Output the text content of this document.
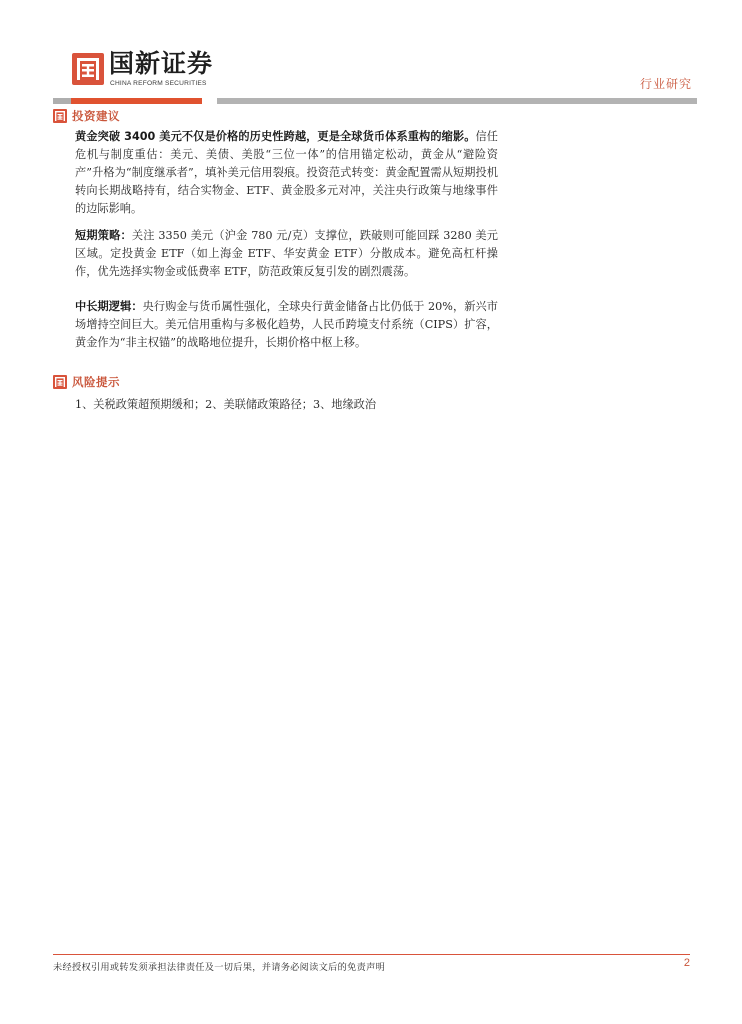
国新证券
CHINA REFORM SECURITIES	行业研究
投资建议
黄金突破 3400 美元不仅是价格的历史性跨越，更是全球货币体系重构的缩影。信任危机与制度重估：美元、美债、美股“三位一体”的信用锚定松动，黄金从“避险资产”升格为“制度继承者”，填补美元信用裂痕。投资范式转变：黄金配置需从短期投机转向长期战略持有，结合实物金、ETF、黄金股多元对冲，关注央行政策与地缘事件的边际影响。
短期策略：关注 3350 美元（沪金 780 元/克）支撑位，跌破则可能回踩 3280 美元区域。定投黄金 ETF（如上海金 ETF、华安黄金 ETF）分散成本。避免高杠杆操作，优先选择实物金或低费率 ETF，防范政策反复引发的剧烈震荡。
中长期逻辑：央行购金与货币属性强化，全球央行黄金储备占比仍低于 20%，新兴市场增持空间巨大。美元信用重构与多极化趋势，人民币跨境支付系统（CIPS）扩容，黄金作为“非主权锚”的战略地位提升，长期价格中枢上移。
风险提示
1、关税政策超预期缓和；2、美联储政策路径；3、地缘政治
未经授权引用或转发须承担法律责任及一切后果，并请务必阅读文后的免责声明	2
